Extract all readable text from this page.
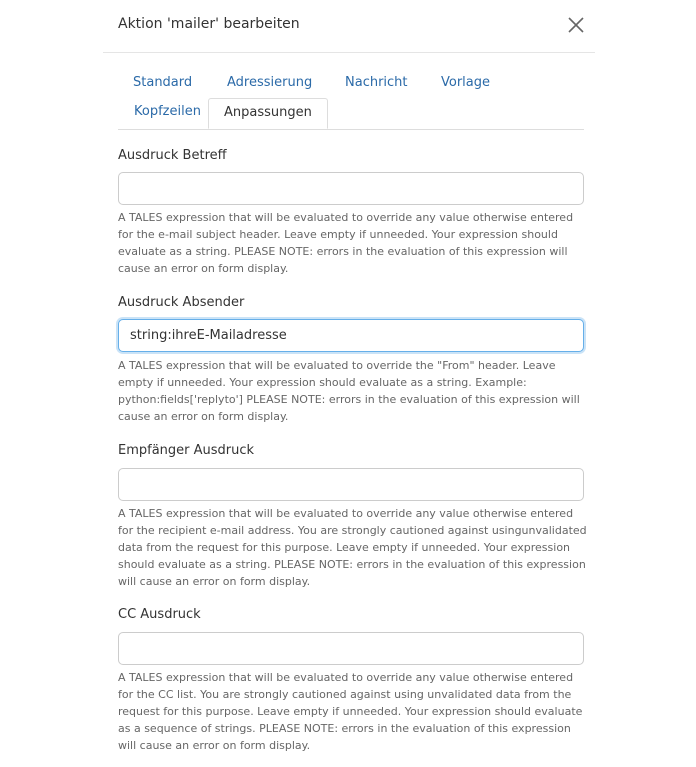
Aktion 'mailer' bearbeiten
Standard	Adressierung	Nachricht	Vorlage
Kopfzeilen	Anpassungen
Ausdruck Betreff

A TALES expression that will be evaluated to override any value otherwise entered for the e-mail subject header. Leave empty if unneeded. Your expression should evaluate as a string. PLEASE NOTE: errors in the evaluation of this expression will cause an error on form display.

Ausdruck Absender
string:ihreE-Mailadresse

A TALES expression that will be evaluated to override the "From" header. Leave empty if unneeded. Your expression should evaluate as a string. Example: python:fields['replyto'] PLEASE NOTE: errors in the evaluation of this expression will cause an error on form display.

Empfänger Ausdruck

A TALES expression that will be evaluated to override any value otherwise entered for the recipient e-mail address. You are strongly cautioned against usingunvalidated data from the request for this purpose. Leave empty if unneeded. Your expression should evaluate as a string. PLEASE NOTE: errors in the evaluation of this expression will cause an error on form display.

CC Ausdruck

A TALES expression that will be evaluated to override any value otherwise entered for the CC list. You are strongly cautioned against using unvalidated data from the request for this purpose. Leave empty if unneeded. Your expression should evaluate as a sequence of strings. PLEASE NOTE: errors in the evaluation of this expression will cause an error on form display.
